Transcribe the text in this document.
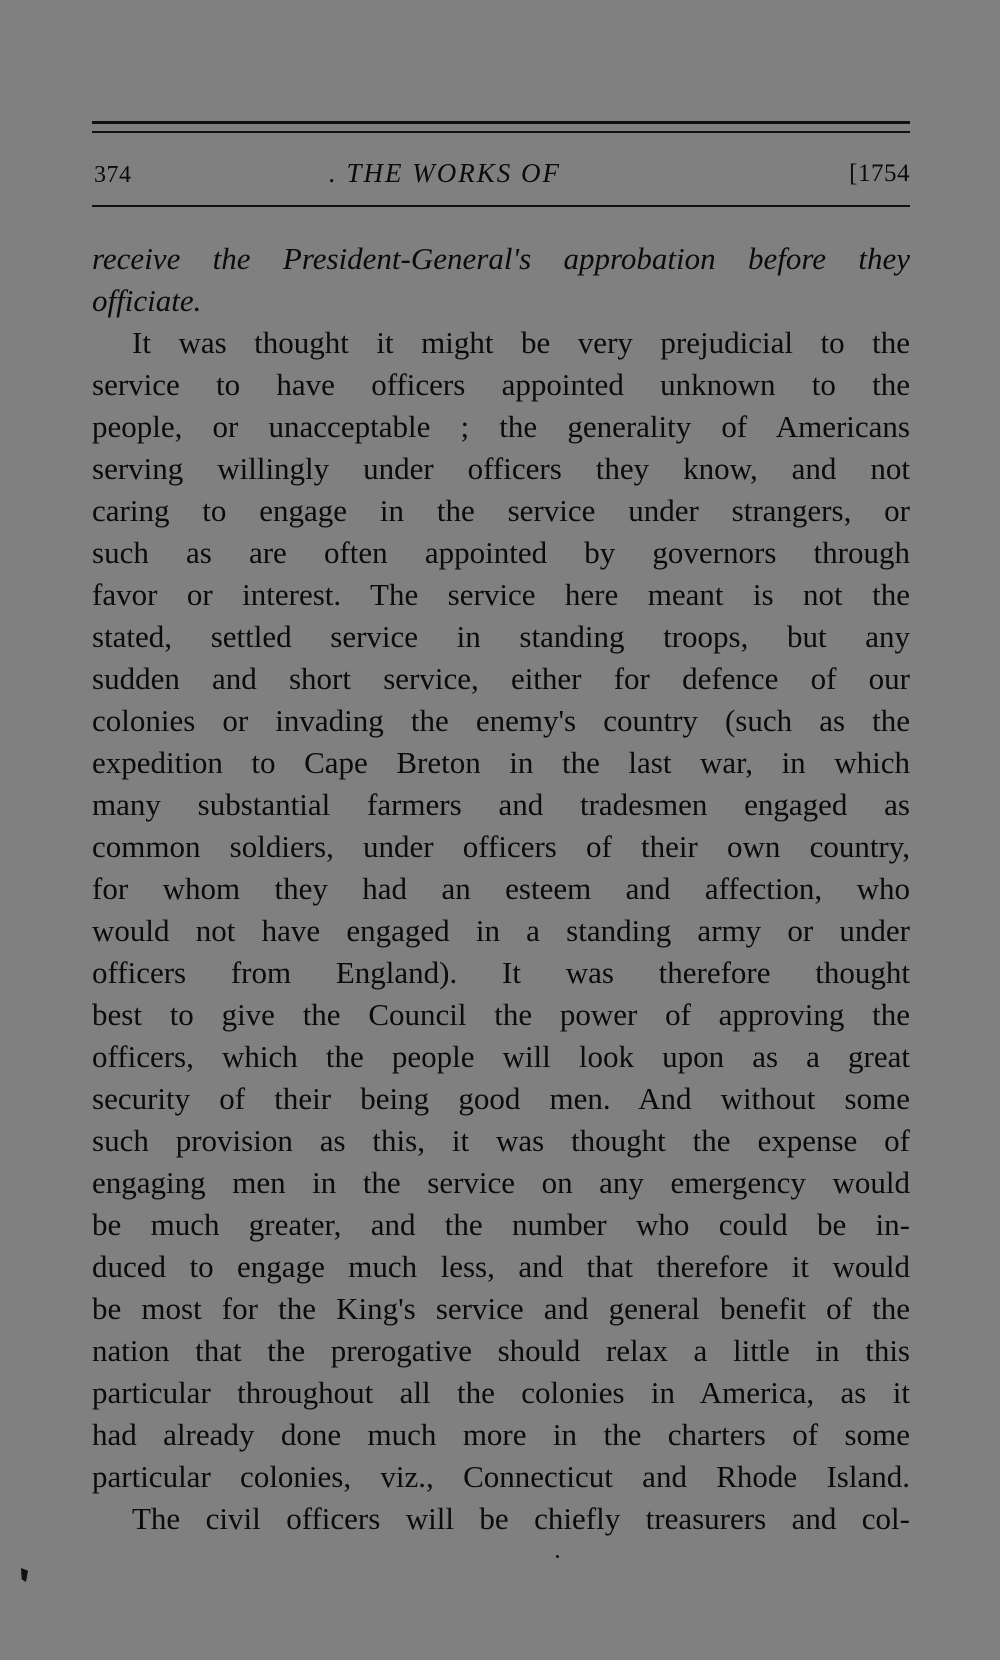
374	. THE WORKS OF	[1754
receive the President-General's approbation before they
officiate.
It was thought it might be very prejudicial to the
service to have officers appointed unknown to the
people, or unacceptable ; the generality of Americans
serving willingly under officers they know, and not
caring to engage in the service under strangers, or
such as are often appointed by governors through
favor or interest. The service here meant is not the
stated, settled service in standing troops, but any
sudden and short service, either for defence of our
colonies or invading the enemy's country (such as the
expedition to Cape Breton in the last war, in which
many substantial farmers and tradesmen engaged as
common soldiers, under officers of their own country,
for whom they had an esteem and affection, who
would not have engaged in a standing army or under
officers from England). It was therefore thought
best to give the Council the power of approving the
officers, which the people will look upon as a great
security of their being good men. And without some
such provision as this, it was thought the expense of
engaging men in the service on any emergency would
be much greater, and the number who could be in-
duced to engage much less, and that therefore it would
be most for the King's service and general benefit of the
nation that the prerogative should relax a little in this
particular throughout all the colonies in America, as it
had already done much more in the charters of some
particular colonies, viz., Connecticut and Rhode Island.
The civil officers will be chiefly treasurers and col-
